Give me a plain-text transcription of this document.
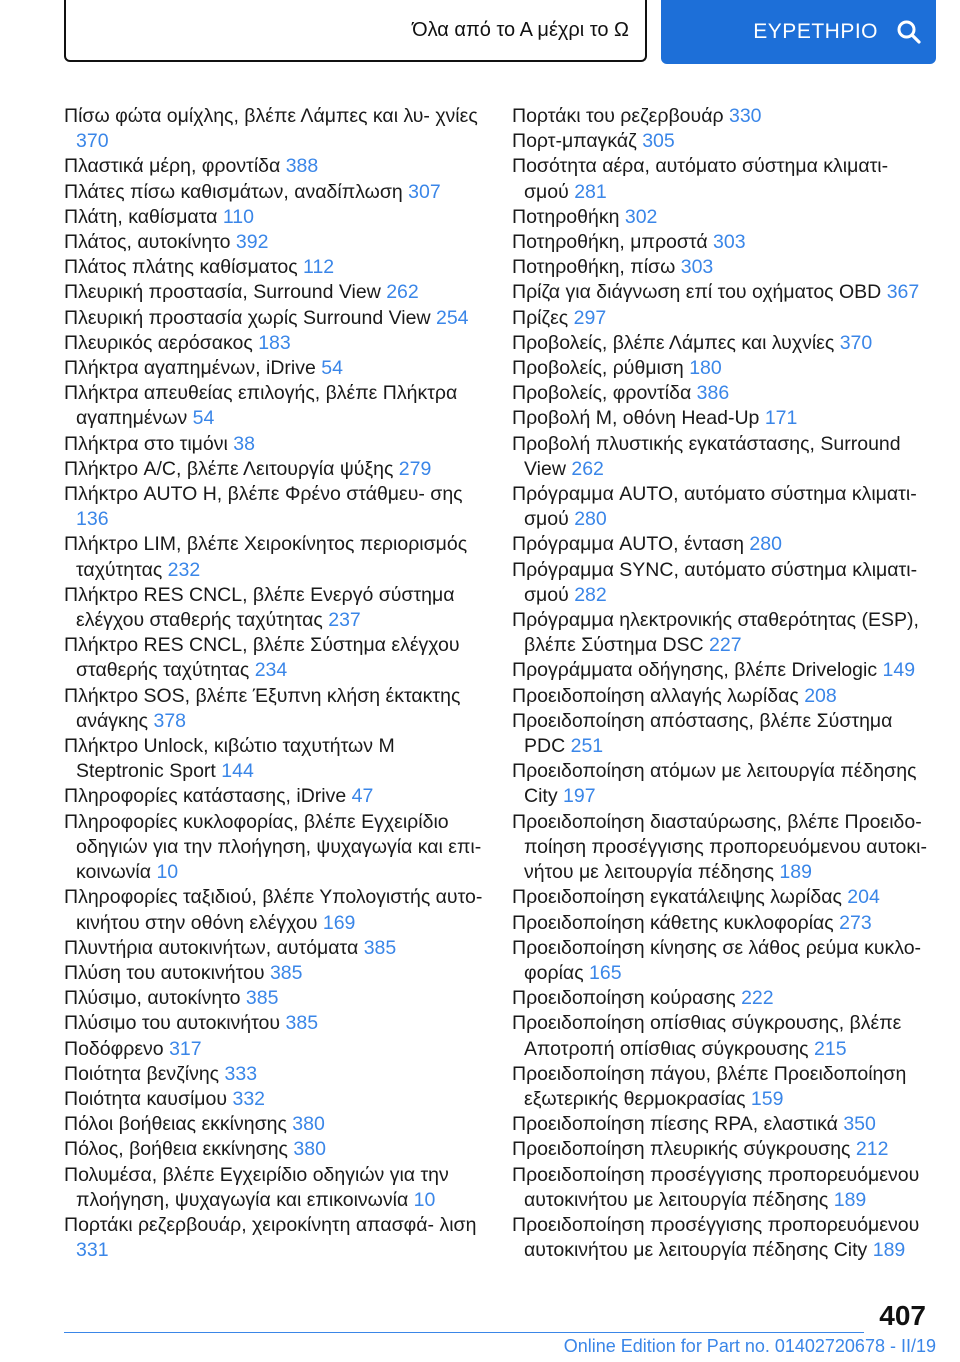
Όλα από το Α μέχρι το Ω	ΕΥΡΕΤΗΡΙΟ
Πίσω φώτα ομίχλης, βλέπε Λάμπες και λυ‐ χνίες 370
Πλαστικά μέρη, φροντίδα 388
Πλάτες πίσω καθισμάτων, αναδίπλωση 307
Πλάτη, καθίσματα 110
Πλάτος, αυτοκίνητο 392
Πλάτος πλάτης καθίσματος 112
Πλευρική προστασία, Surround View 262
Πλευρική προστασία χωρίς Surround View 254
Πλευρικός αερόσακος 183
Πλήκτρα αγαπημένων, iDrive 54
Πλήκτρα απευθείας επιλογής, βλέπε Πλήκτρα αγαπημένων 54
Πλήκτρα στο τιμόνι 38
Πλήκτρο A/C, βλέπε Λειτουργία ψύξης 279
Πλήκτρο AUTO H, βλέπε Φρένο στάθμευ‐ σης 136
Πλήκτρο LIM, βλέπε Χειροκίνητος περιορισμός ταχύτητας 232
Πλήκτρο RES CNCL, βλέπε Ενεργό σύστημα ελέγχου σταθερής ταχύτητας 237
Πλήκτρο RES CNCL, βλέπε Σύστημα ελέγχου σταθερής ταχύτητας 234
Πλήκτρο SOS, βλέπε Έξυπνη κλήση έκτακτης ανάγκης 378
Πλήκτρο Unlock, κιβώτιο ταχυτήτων M Steptronic Sport 144
Πληροφορίες κατάστασης, iDrive 47
Πληροφορίες κυκλοφορίας, βλέπε Εγχειρίδιο οδηγιών για την πλοήγηση, ψυχαγωγία και επι‐ κοινωνία 10
Πληροφορίες ταξιδιού, βλέπε Υπολογιστής αυτο‐ κινήτου στην οθόνη ελέγχου 169
Πλυντήρια αυτοκινήτων, αυτόματα 385
Πλύση του αυτοκινήτου 385
Πλύσιμο, αυτοκίνητο 385
Πλύσιμο του αυτοκινήτου 385
Ποδόφρενο 317
Ποιότητα βενζίνης 333
Ποιότητα καυσίμου 332
Πόλοι βοήθειας εκκίνησης 380
Πόλος, βοήθεια εκκίνησης 380
Πολυμέσα, βλέπε Εγχειρίδιο οδηγιών για την πλοήγηση, ψυχαγωγία και επικοινωνία 10
Πορτάκι ρεζερβουάρ, χειροκίνητη απασφά‐ λιση 331
Πορτάκι του ρεζερβουάρ 330
Πορτ-μπαγκάζ 305
Ποσότητα αέρα, αυτόματο σύστημα κλιματι‐ σμού 281
Ποτηροθήκη 302
Ποτηροθήκη, μπροστά 303
Ποτηροθήκη, πίσω 303
Πρίζα για διάγνωση επί του οχήματος OBD 367
Πρίζες 297
Προβολείς, βλέπε Λάμπες και λυχνίες 370
Προβολείς, ρύθμιση 180
Προβολείς, φροντίδα 386
Προβολή M, οθόνη Head-Up 171
Προβολή πλυστικής εγκατάστασης, Surround View 262
Πρόγραμμα AUTO, αυτόματο σύστημα κλιματι‐ σμού 280
Πρόγραμμα AUTO, ένταση 280
Πρόγραμμα SYNC, αυτόματο σύστημα κλιματι‐ σμού 282
Πρόγραμμα ηλεκτρονικής σταθερότητας (ESP), βλέπε Σύστημα DSC 227
Προγράμματα οδήγησης, βλέπε Drivelogic 149
Προειδοποίηση αλλαγής λωρίδας 208
Προειδοποίηση απόστασης, βλέπε Σύστημα PDC 251
Προειδοποίηση ατόμων με λειτουργία πέδησης City 197
Προειδοποίηση διασταύρωσης, βλέπε Προειδο‐ ποίηση προσέγγισης προπορευόμενου αυτοκι‐ νήτου με λειτουργία πέδησης 189
Προειδοποίηση εγκατάλειψης λωρίδας 204
Προειδοποίηση κάθετης κυκλοφορίας 273
Προειδοποίηση κίνησης σε λάθος ρεύμα κυκλο‐ φορίας 165
Προειδοποίηση κούρασης 222
Προειδοποίηση οπίσθιας σύγκρουσης, βλέπε Αποτροπή οπίσθιας σύγκρουσης 215
Προειδοποίηση πάγου, βλέπε Προειδοποίηση εξωτερικής θερμοκρασίας 159
Προειδοποίηση πίεσης RPA, ελαστικά 350
Προειδοποίηση πλευρικής σύγκρουσης 212
Προειδοποίηση προσέγγισης προπορευόμενου αυτοκινήτου με λειτουργία πέδησης 189
Προειδοποίηση προσέγγισης προπορευόμενου αυτοκινήτου με λειτουργία πέδησης City 189
407
Online Edition for Part no. 01402720678 - II/19
